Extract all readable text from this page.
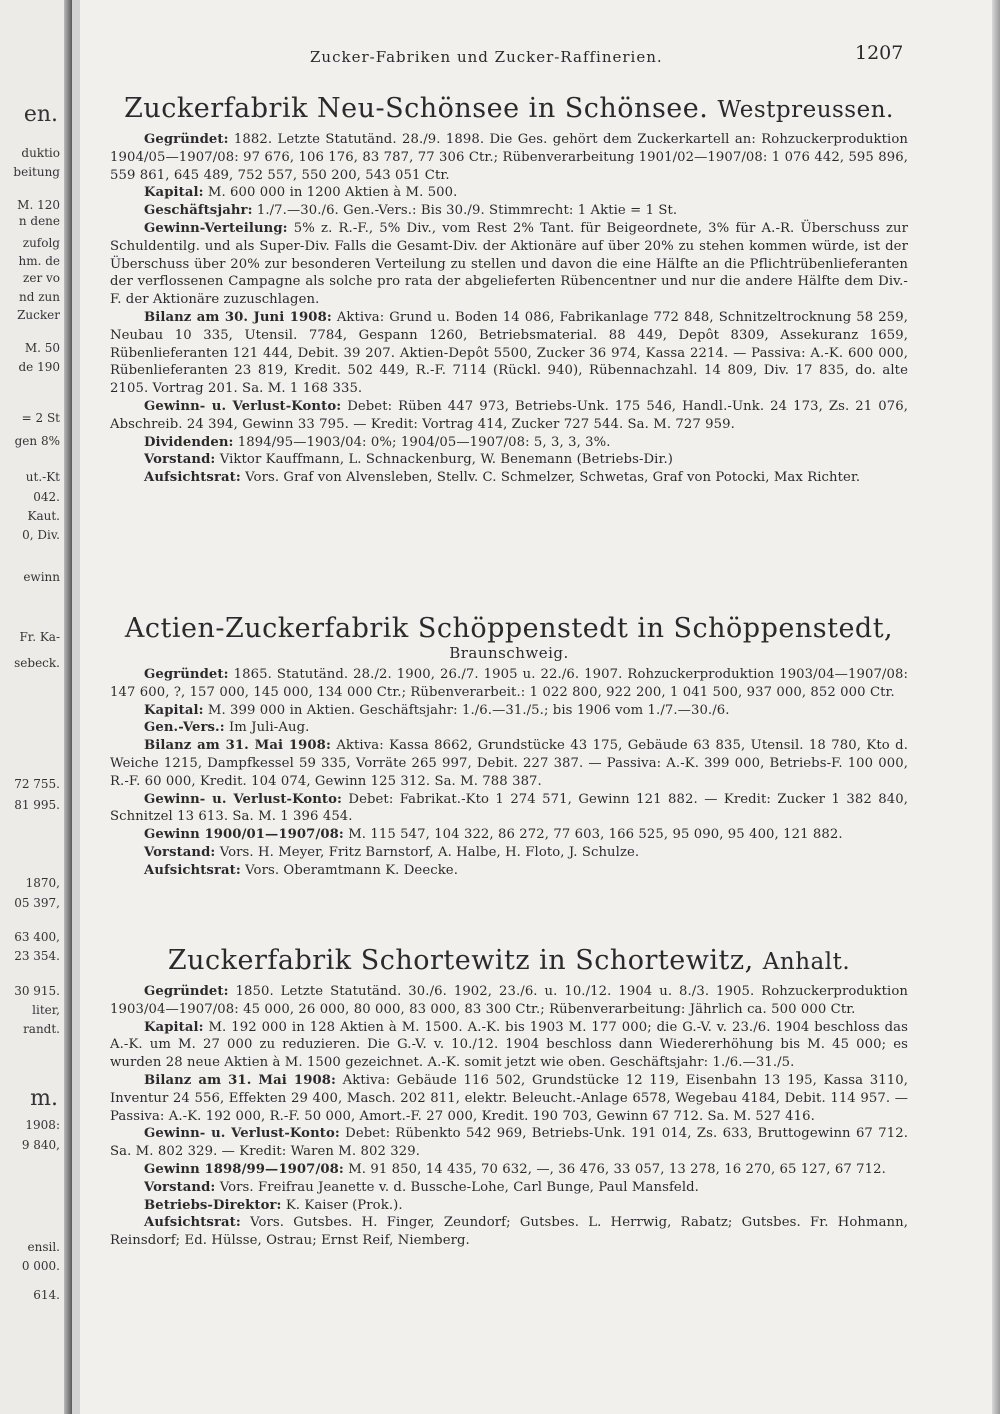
en.
duktio
beitung
M. 120
n dene
zufolg
hm. de
zer vo
nd zun
Zucker
M. 50
de 190
= 2 St
gen 8%
ut.-Kt
042.
Kaut.
0, Div.
ewinn
Fr. Ka-
sebeck.
72 755.
81 995.
1870,
05 397,
63 400,
23 354.
30 915.
liter,
randt.
m.
1908:
9 840,
ensil.
0 000.
614.
Zucker-Fabriken und Zucker-Raffinerien.	1207
Zuckerfabrik Neu-Schönsee in Schönsee. Westpreussen.

Gegründet: 1882. Letzte Statutänd. 28./9. 1898. Die Ges. gehört dem Zuckerkartell an: Rohzuckerproduktion 1904/05—1907/08: 97 676, 106 176, 83 787, 77 306 Ctr.; Rübenverarbeitung 1901/02—1907/08: 1 076 442, 595 896, 559 861, 645 489, 752 557, 550 200, 543 051 Ctr.

Kapital: M. 600 000 in 1200 Aktien à M. 500.

Geschäftsjahr: 1./7.—30./6. Gen.-Vers.: Bis 30./9. Stimmrecht: 1 Aktie = 1 St.

Gewinn-Verteilung: 5% z. R.-F., 5% Div., vom Rest 2% Tant. für Beigeordnete, 3% für A.-R. Überschuss zur Schuldentilg. und als Super-Div. Falls die Gesamt-Div. der Aktionäre auf über 20% zu stehen kommen würde, ist der Überschuss über 20% zur besonderen Verteilung zu stellen und davon die eine Hälfte an die Pflichtrübenlieferanten der verflossenen Campagne als solche pro rata der abgelieferten Rübencentner und nur die andere Hälfte dem Div.-F. der Aktionäre zuzuschlagen.

Bilanz am 30. Juni 1908: Aktiva: Grund u. Boden 14 086, Fabrikanlage 772 848, Schnitzeltrocknung 58 259, Neubau 10 335, Utensil. 7784, Gespann 1260, Betriebsmaterial. 88 449, Depôt 8309, Assekuranz 1659, Rübenlieferanten 121 444, Debit. 39 207. Aktien-Depôt 5500, Zucker 36 974, Kassa 2214. — Passiva: A.-K. 600 000, Rübenlieferanten 23 819, Kredit. 502 449, R.-F. 7114 (Rückl. 940), Rübennachzahl. 14 809, Div. 17 835, do. alte 2105. Vortrag 201. Sa. M. 1 168 335.

Gewinn- u. Verlust-Konto: Debet: Rüben 447 973, Betriebs-Unk. 175 546, Handl.-Unk. 24 173, Zs. 21 076, Abschreib. 24 394, Gewinn 33 795. — Kredit: Vortrag 414, Zucker 727 544. Sa. M. 727 959.

Dividenden: 1894/95—1903/04: 0%; 1904/05—1907/08: 5, 3, 3, 3%.

Vorstand: Viktor Kauffmann, L. Schnackenburg, W. Benemann (Betriebs-Dir.)

Aufsichtsrat: Vors. Graf von Alvensleben, Stellv. C. Schmelzer, Schwetas, Graf von Potocki, Max Richter.

Actien-Zuckerfabrik Schöppenstedt in Schöppenstedt,
Braunschweig.

Gegründet: 1865. Statutänd. 28./2. 1900, 26./7. 1905 u. 22./6. 1907. Rohzuckerproduktion 1903/04—1907/08: 147 600, ?, 157 000, 145 000, 134 000 Ctr.; Rübenverarbeit.: 1 022 800, 922 200, 1 041 500, 937 000, 852 000 Ctr.

Kapital: M. 399 000 in Aktien. Geschäftsjahr: 1./6.—31./5.; bis 1906 vom 1./7.—30./6.

Gen.-Vers.: Im Juli-Aug.

Bilanz am 31. Mai 1908: Aktiva: Kassa 8662, Grundstücke 43 175, Gebäude 63 835, Utensil. 18 780, Kto d. Weiche 1215, Dampfkessel 59 335, Vorräte 265 997, Debit. 227 387. — Passiva: A.-K. 399 000, Betriebs-F. 100 000, R.-F. 60 000, Kredit. 104 074, Gewinn 125 312. Sa. M. 788 387.

Gewinn- u. Verlust-Konto: Debet: Fabrikat.-Kto 1 274 571, Gewinn 121 882. — Kredit: Zucker 1 382 840, Schnitzel 13 613. Sa. M. 1 396 454.

Gewinn 1900/01—1907/08: M. 115 547, 104 322, 86 272, 77 603, 166 525, 95 090, 95 400, 121 882.

Vorstand: Vors. H. Meyer, Fritz Barnstorf, A. Halbe, H. Floto, J. Schulze.

Aufsichtsrat: Vors. Oberamtmann K. Deecke.

Zuckerfabrik Schortewitz in Schortewitz, Anhalt.

Gegründet: 1850. Letzte Statutänd. 30./6. 1902, 23./6. u. 10./12. 1904 u. 8./3. 1905. Rohzuckerproduktion 1903/04—1907/08: 45 000, 26 000, 80 000, 83 000, 83 300 Ctr.; Rübenverarbeitung: Jährlich ca. 500 000 Ctr.

Kapital: M. 192 000 in 128 Aktien à M. 1500. A.-K. bis 1903 M. 177 000; die G.-V. v. 23./6. 1904 beschloss das A.-K. um M. 27 000 zu reduzieren. Die G.-V. v. 10./12. 1904 beschloss dann Wiedererhöhung bis M. 45 000; es wurden 28 neue Aktien à M. 1500 gezeichnet. A.-K. somit jetzt wie oben. Geschäftsjahr: 1./6.—31./5.

Bilanz am 31. Mai 1908: Aktiva: Gebäude 116 502, Grundstücke 12 119, Eisenbahn 13 195, Kassa 3110, Inventur 24 556, Effekten 29 400, Masch. 202 811, elektr. Beleucht.-Anlage 6578, Wegebau 4184, Debit. 114 957. — Passiva: A.-K. 192 000, R.-F. 50 000, Amort.-F. 27 000, Kredit. 190 703, Gewinn 67 712. Sa. M. 527 416.

Gewinn- u. Verlust-Konto: Debet: Rübenkto 542 969, Betriebs-Unk. 191 014, Zs. 633, Bruttogewinn 67 712. Sa. M. 802 329. — Kredit: Waren M. 802 329.

Gewinn 1898/99—1907/08: M. 91 850, 14 435, 70 632, —, 36 476, 33 057, 13 278, 16 270, 65 127, 67 712.

Vorstand: Vors. Freifrau Jeanette v. d. Bussche-Lohe, Carl Bunge, Paul Mansfeld.

Betriebs-Direktor: K. Kaiser (Prok.).

Aufsichtsrat: Vors. Gutsbes. H. Finger, Zeundorf; Gutsbes. L. Herrwig, Rabatz; Gutsbes. Fr. Hohmann, Reinsdorf; Ed. Hülsse, Ostrau; Ernst Reif, Niemberg.
